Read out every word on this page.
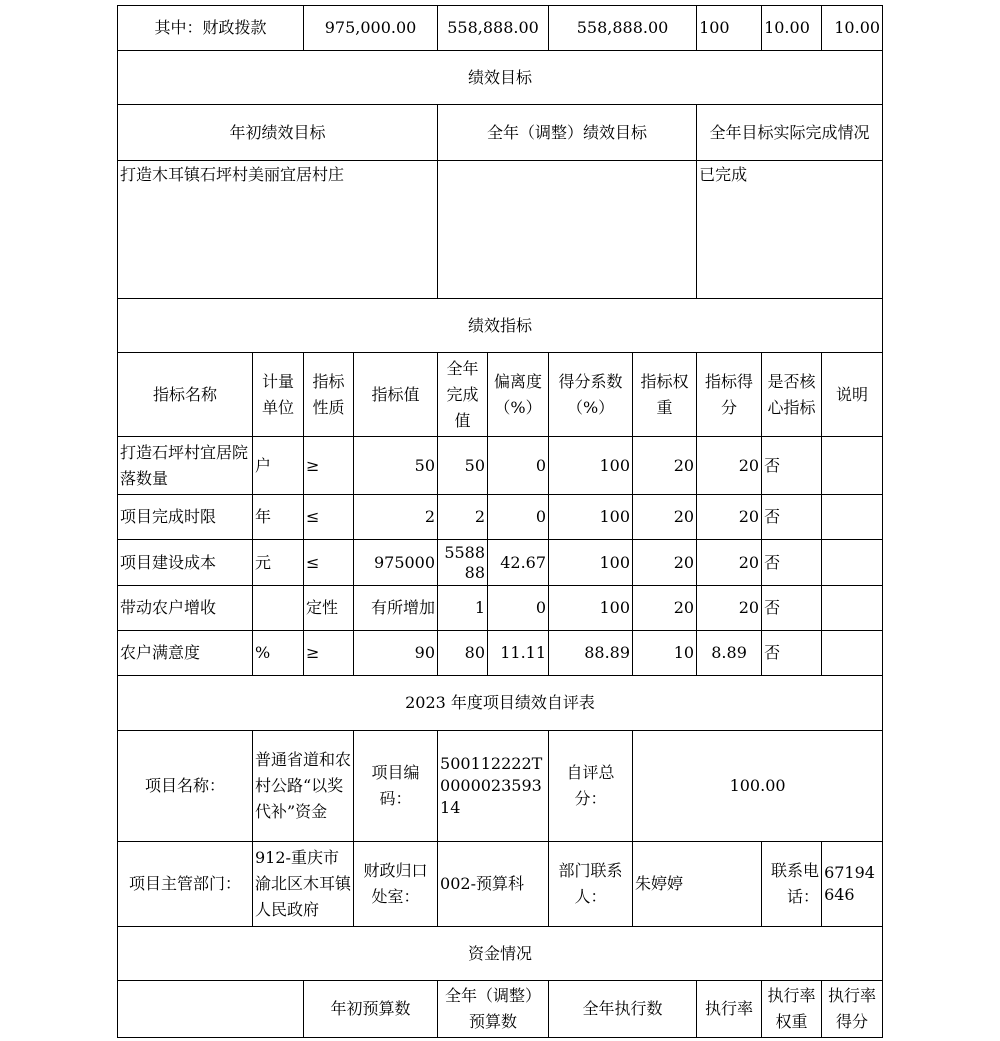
其中：财政拨款		975,000.00		558,888.00		558,888.00		100	10.00	10.00
绩效目标										
年初绩效目标				全年（调整）绩效目标				全年目标实际完成情况		
打造木耳镇石坪村美丽宜居村庄								已完成		
绩效指标										
指标名称	计量单位	指标性质	指标值	全年完成值	偏离度（%）	得分系数（%）	指标权重	指标得分	是否核心指标	说明
打造石坪村宜居院落数量	户	≥	50	50	0	100	20	20	否	
项目完成时限	年	≤	2	2	0	100	20	20	否	
项目建设成本	元	≤	975000	558888	42.67	100	20	20	否	
带动农户增收		定性	有所增加	1	0	100	20	20	否	
农户满意度	%	≥	90	80	11.11	88.89	10	8.89	否	
2023 年度项目绩效自评表										
项目名称：	普通省道和农村公路“以奖代补”资金		项目编码：	500112222T000002359314		自评总分：	100.00			
项目主管部门：	912-重庆市渝北区木耳镇人民政府		财政归口处室：	002-预算科		部门联系人：	朱婷婷		联系电话：	67194646
资金情况										
		年初预算数		全年（调整）预算数		全年执行数		执行率	执行率权重	执行率得分
